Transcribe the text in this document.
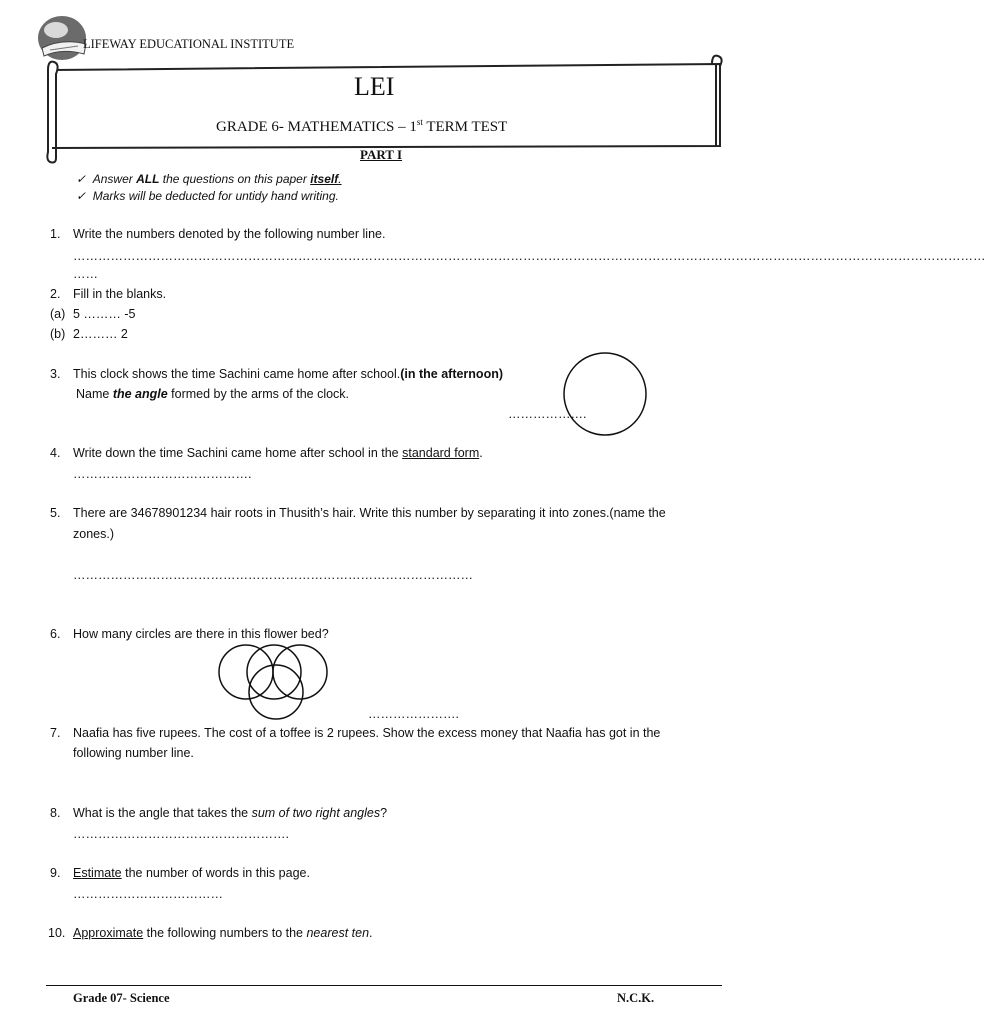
LIFEWAY EDUCATIONAL INSTITUTE
LEI
GRADE 6- MATHEMATICS – 1st TERM TEST
PART I
✓ Answer ALL the questions on this paper itself.
✓ Marks will be deducted for untidy hand writing.
1. Write the numbers denoted by the following number line.
…………………………………………………………………………………………………………………………………………………………………………………………………
……
2. Fill in the blanks.
(a) 5 ……… -5
(b) 2……… 2
3. This clock shows the time Sachini came home after school.(in the afternoon)
Name the angle formed by the arms of the clock.
……………….
4. Write down the time Sachini came home after school in the standard form.
…………………………………….
5. There are 34678901234 hair roots in Thusith’s hair. Write this number by separating it into zones.(name the
zones.)
……………………………………………………………………………………
6. How many circles are there in this flower bed?
………………….
7. Naafia has five rupees. The cost of a toffee is 2 rupees. Show the excess money that Naafia has got in the
following number line.
8. What is the angle that takes the sum of two right angles?
…………………………………………….
9. Estimate the number of words in this page.
………………………………
10. Approximate the following numbers to the nearest ten.
Grade 07- Science	N.C.K.
